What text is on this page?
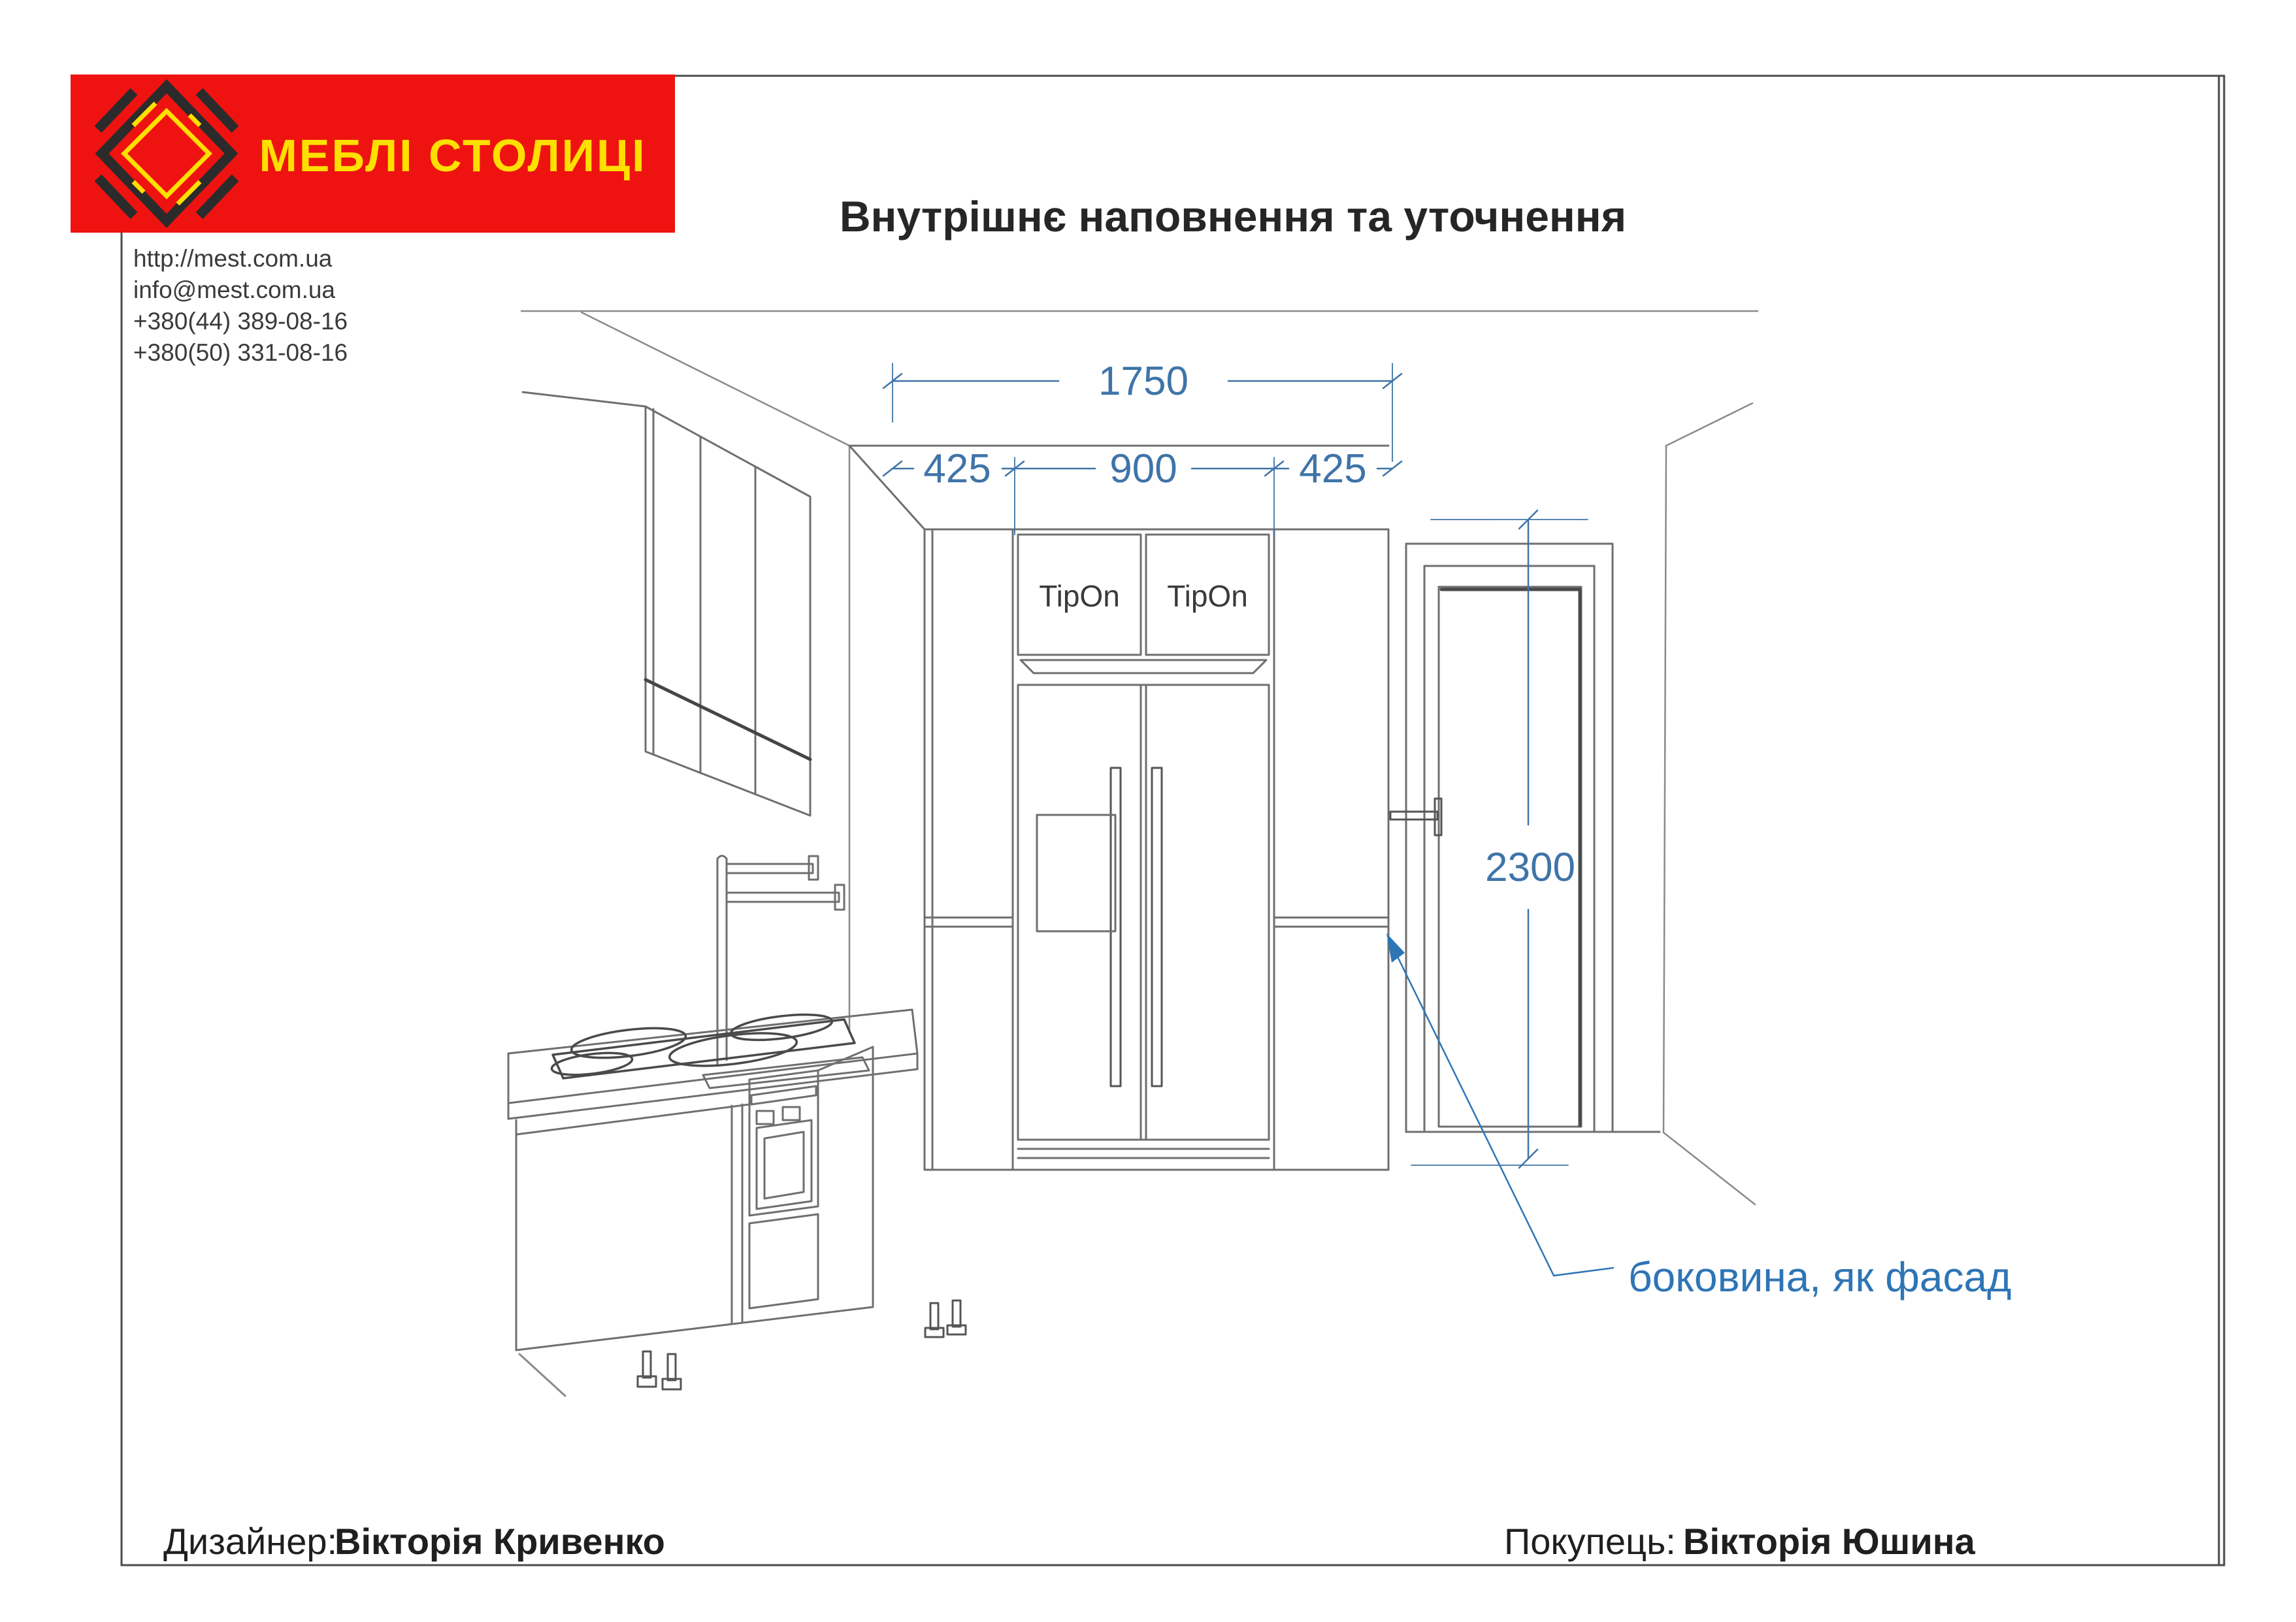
МЕБЛІ СТОЛИЦІ
http://mest.com.ua
info@mest.com.ua
+380(44) 389-08-16
+380(50) 331-08-16
Внутрішнє наповнення та уточнення
1750
425	900	425
2300
TipOn TipOn
боковина, як фасад
Дизайнер:
Вікторія Кривенко	Покупець: Вікторія Юшина
